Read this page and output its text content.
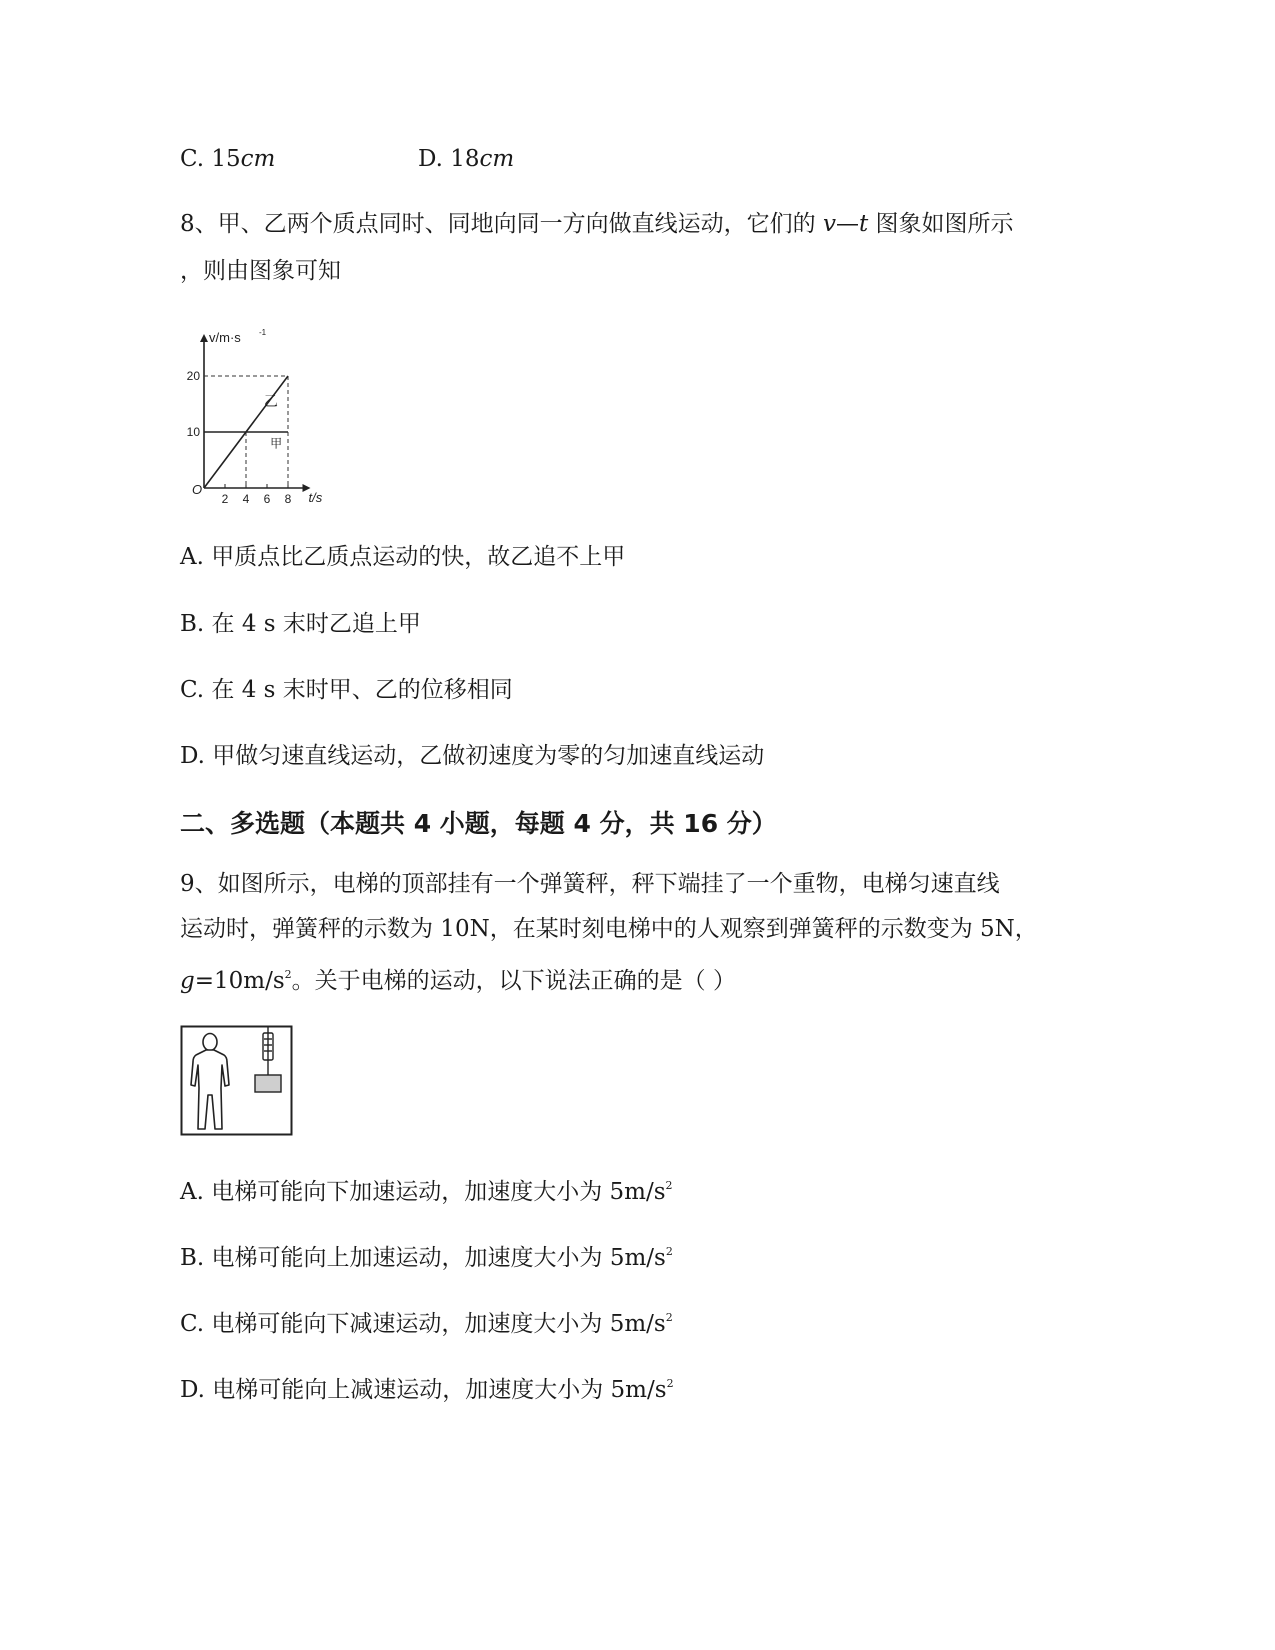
C. 15cm	D. 18cm
8、甲、乙两个质点同时、同地向同一方向做直线运动，它们的 v—t 图象如图所示
，则由图象可知
v/m·s -1
t/s
O
2 4 6 8
10
20
乙
甲
A. 甲质点比乙质点运动的快，故乙追不上甲
B. 在 4 s 末时乙追上甲
C. 在 4 s 末时甲、乙的位移相同
D. 甲做匀速直线运动，乙做初速度为零的匀加速直线运动
二、多选题（本题共 4 小题，每题 4 分，共 16 分）
9、如图所示，电梯的顶部挂有一个弹簧秤，秤下端挂了一个重物，电梯匀速直线
运动时，弹簧秤的示数为 10N，在某时刻电梯中的人观察到弹簧秤的示数变为 5N，
$g=10m/s^2$。关于电梯的运动，以下说法正确的是（ ）
A. 电梯可能向下加速运动，加速度大小为 $5m/s^2$
B. 电梯可能向上加速运动，加速度大小为 $5m/s^2$
C. 电梯可能向下减速运动，加速度大小为 $5m/s^2$
D. 电梯可能向上减速运动，加速度大小为 $5m/s^2$
